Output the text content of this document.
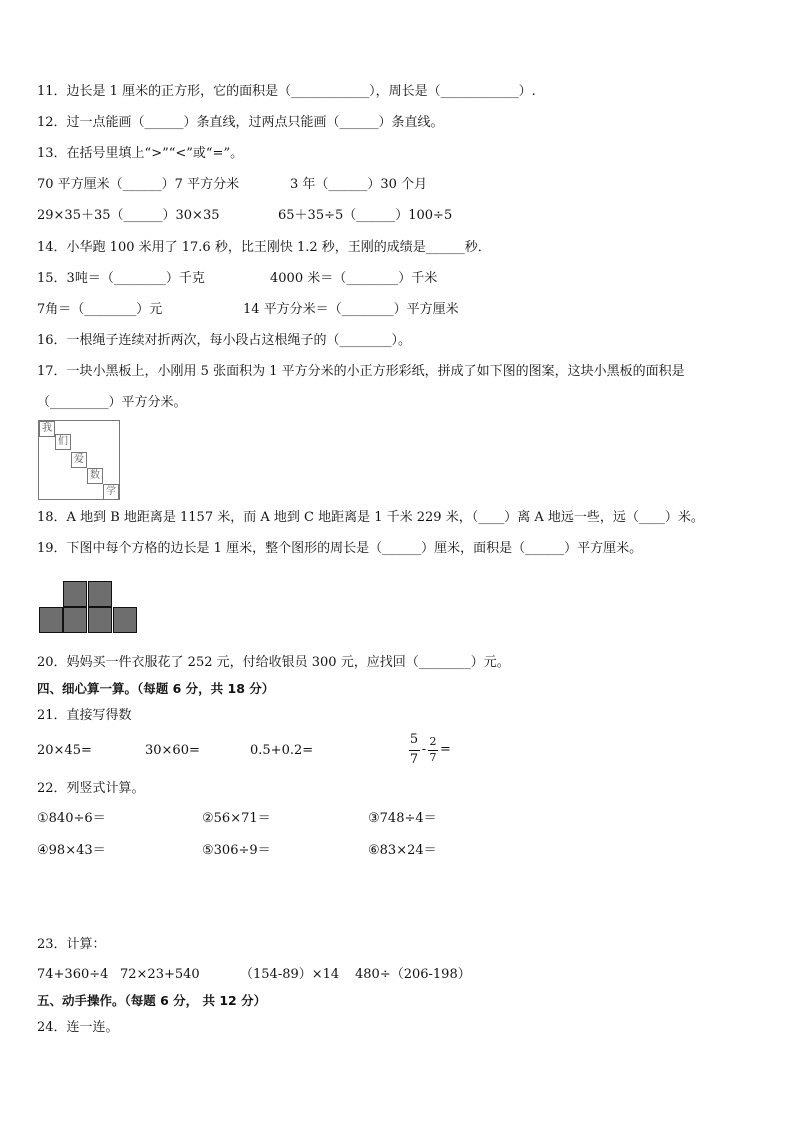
11．边长是 1 厘米的正方形，它的面积是（____________），周长是（____________）.
12．过一点能画（______）条直线，过两点只能画（______）条直线。
13．在括号里填上“>”“<”或“=”。
70 平方厘米（______）7 平方分米	3 年（______）30 个月
29×35＋35（______）30×35	65＋35÷5（______）100÷5
14．小华跑 100 米用了 17.6 秒，比王刚快 1.2 秒，王刚的成绩是______秒．
15．3吨＝（________）千克	4000 米＝（________）千米
7角＝（________）元	14 平方分米＝（________）平方厘米
16．一根绳子连续对折两次，每小段占这根绳子的（________）。
17．一块小黑板上，小刚用 5 张面积为 1 平方分米的小正方形彩纸，拼成了如下图的图案，这块小黑板的面积是
（_________）平方分米。
我
们
爱
数
学
18．A 地到 B 地距离是 1157 米，而 A 地到 C 地距离是 1 千米 229 米，（____）离 A 地远一些，远（____）米。
19．下图中每个方格的边长是 1 厘米，整个图形的周长是（______）厘米，面积是（______）平方厘米。
20．妈妈买一件衣服花了 252 元，付给收银员 300 元，应找回（________）元。
四、细心算一算。（每题 6 分，共 18 分）
21．直接写得数
20×45=	30×60=	0.5+0.2=
5
7
-
2
7
=
22．列竖式计算。
①840÷6＝	②56×71＝	③748÷4＝
④98×43＝	⑤306÷9＝	⑥83×24＝
23．计算：
74+360÷4 72×23+540	（154-89）×14 480÷（206-198）
五、动手操作。（每题 6 分， 共 12 分）
24．连一连。
